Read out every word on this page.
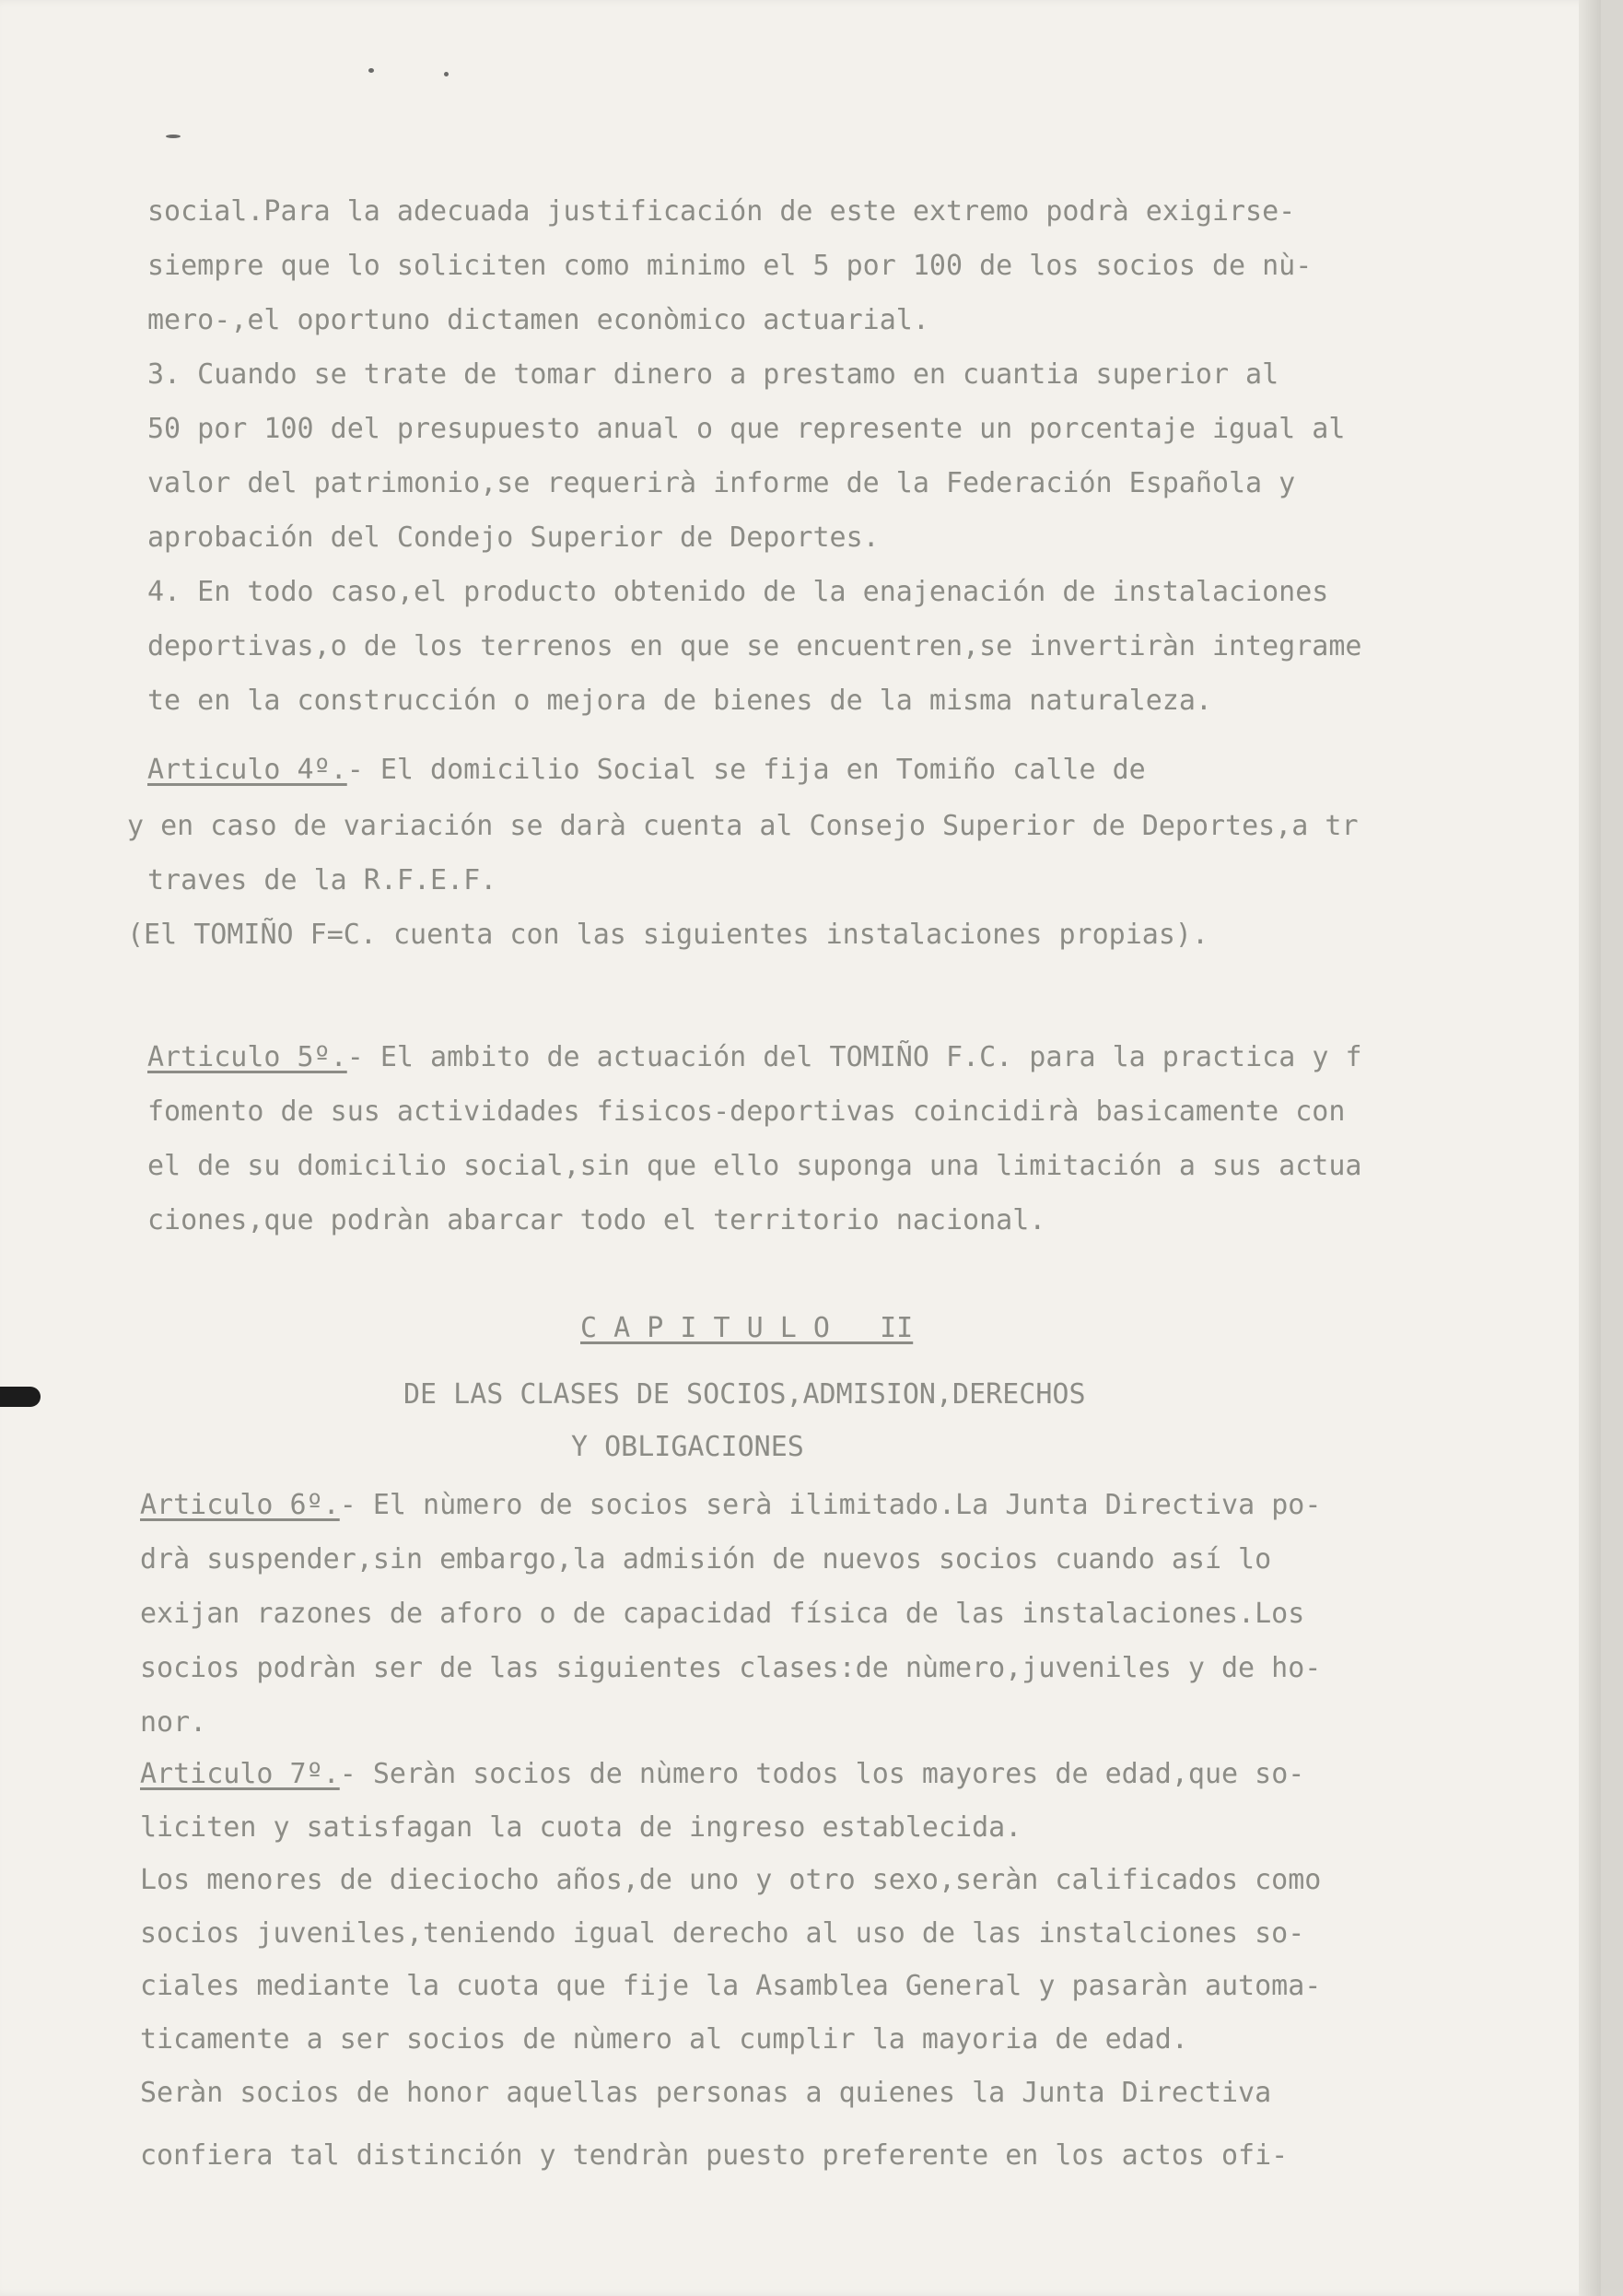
social.Para la adecuada justificación de este extremo podrà exigirse-

siempre que lo soliciten como minimo el 5 por 100 de los socios de nù-

mero-,el oportuno dictamen econòmico actuarial.

3. Cuando se trate de tomar dinero a prestamo en cuantia superior al

50 por 100 del presupuesto anual o que represente un porcentaje igual al

valor del patrimonio,se requerirà informe de la Federación Española y

aprobación del Condejo Superior de Deportes.

4. En todo caso,el producto obtenido de la enajenación de instalaciones

deportivas,o de los terrenos en que se encuentren,se invertiràn integrame

te en la construcción o mejora de bienes de la misma naturaleza.

Articulo 4º.- El domicilio Social se fija en Tomiño calle de

y en caso de variación se darà cuenta al Consejo Superior de Deportes,a tr

traves de la R.F.E.F.

(El TOMIÑO F=C. cuenta con las siguientes instalaciones propias).

Articulo 5º.- El ambito de actuación del TOMIÑO F.C. para la practica y f

fomento de sus actividades fisicos-deportivas coincidirà basicamente con

el de su domicilio social,sin que ello suponga una limitación a sus actua

ciones,que podràn abarcar todo el territorio nacional.

C A P I T U L O   II

DE LAS CLASES DE SOCIOS,ADMISION,DERECHOS

Y OBLIGACIONES

Articulo 6º.- El nùmero de socios serà ilimitado.La Junta Directiva po-

drà suspender,sin embargo,la admisión de nuevos socios cuando así lo

exijan razones de aforo o de capacidad física de las instalaciones.Los

socios podràn ser de las siguientes clases:de nùmero,juveniles y de ho-

nor.

Articulo 7º.- Seràn socios de nùmero todos los mayores de edad,que so-

liciten y satisfagan la cuota de ingreso establecida.

Los menores de dieciocho años,de uno y otro sexo,seràn calificados como

socios juveniles,teniendo igual derecho al uso de las instalciones so-

ciales mediante la cuota que fije la Asamblea General y pasaràn automa-

ticamente a ser socios de nùmero al cumplir la mayoria de edad.

Seràn socios de honor aquellas personas a quienes la Junta Directiva

confiera tal distinción y tendràn puesto preferente en los actos ofi-
